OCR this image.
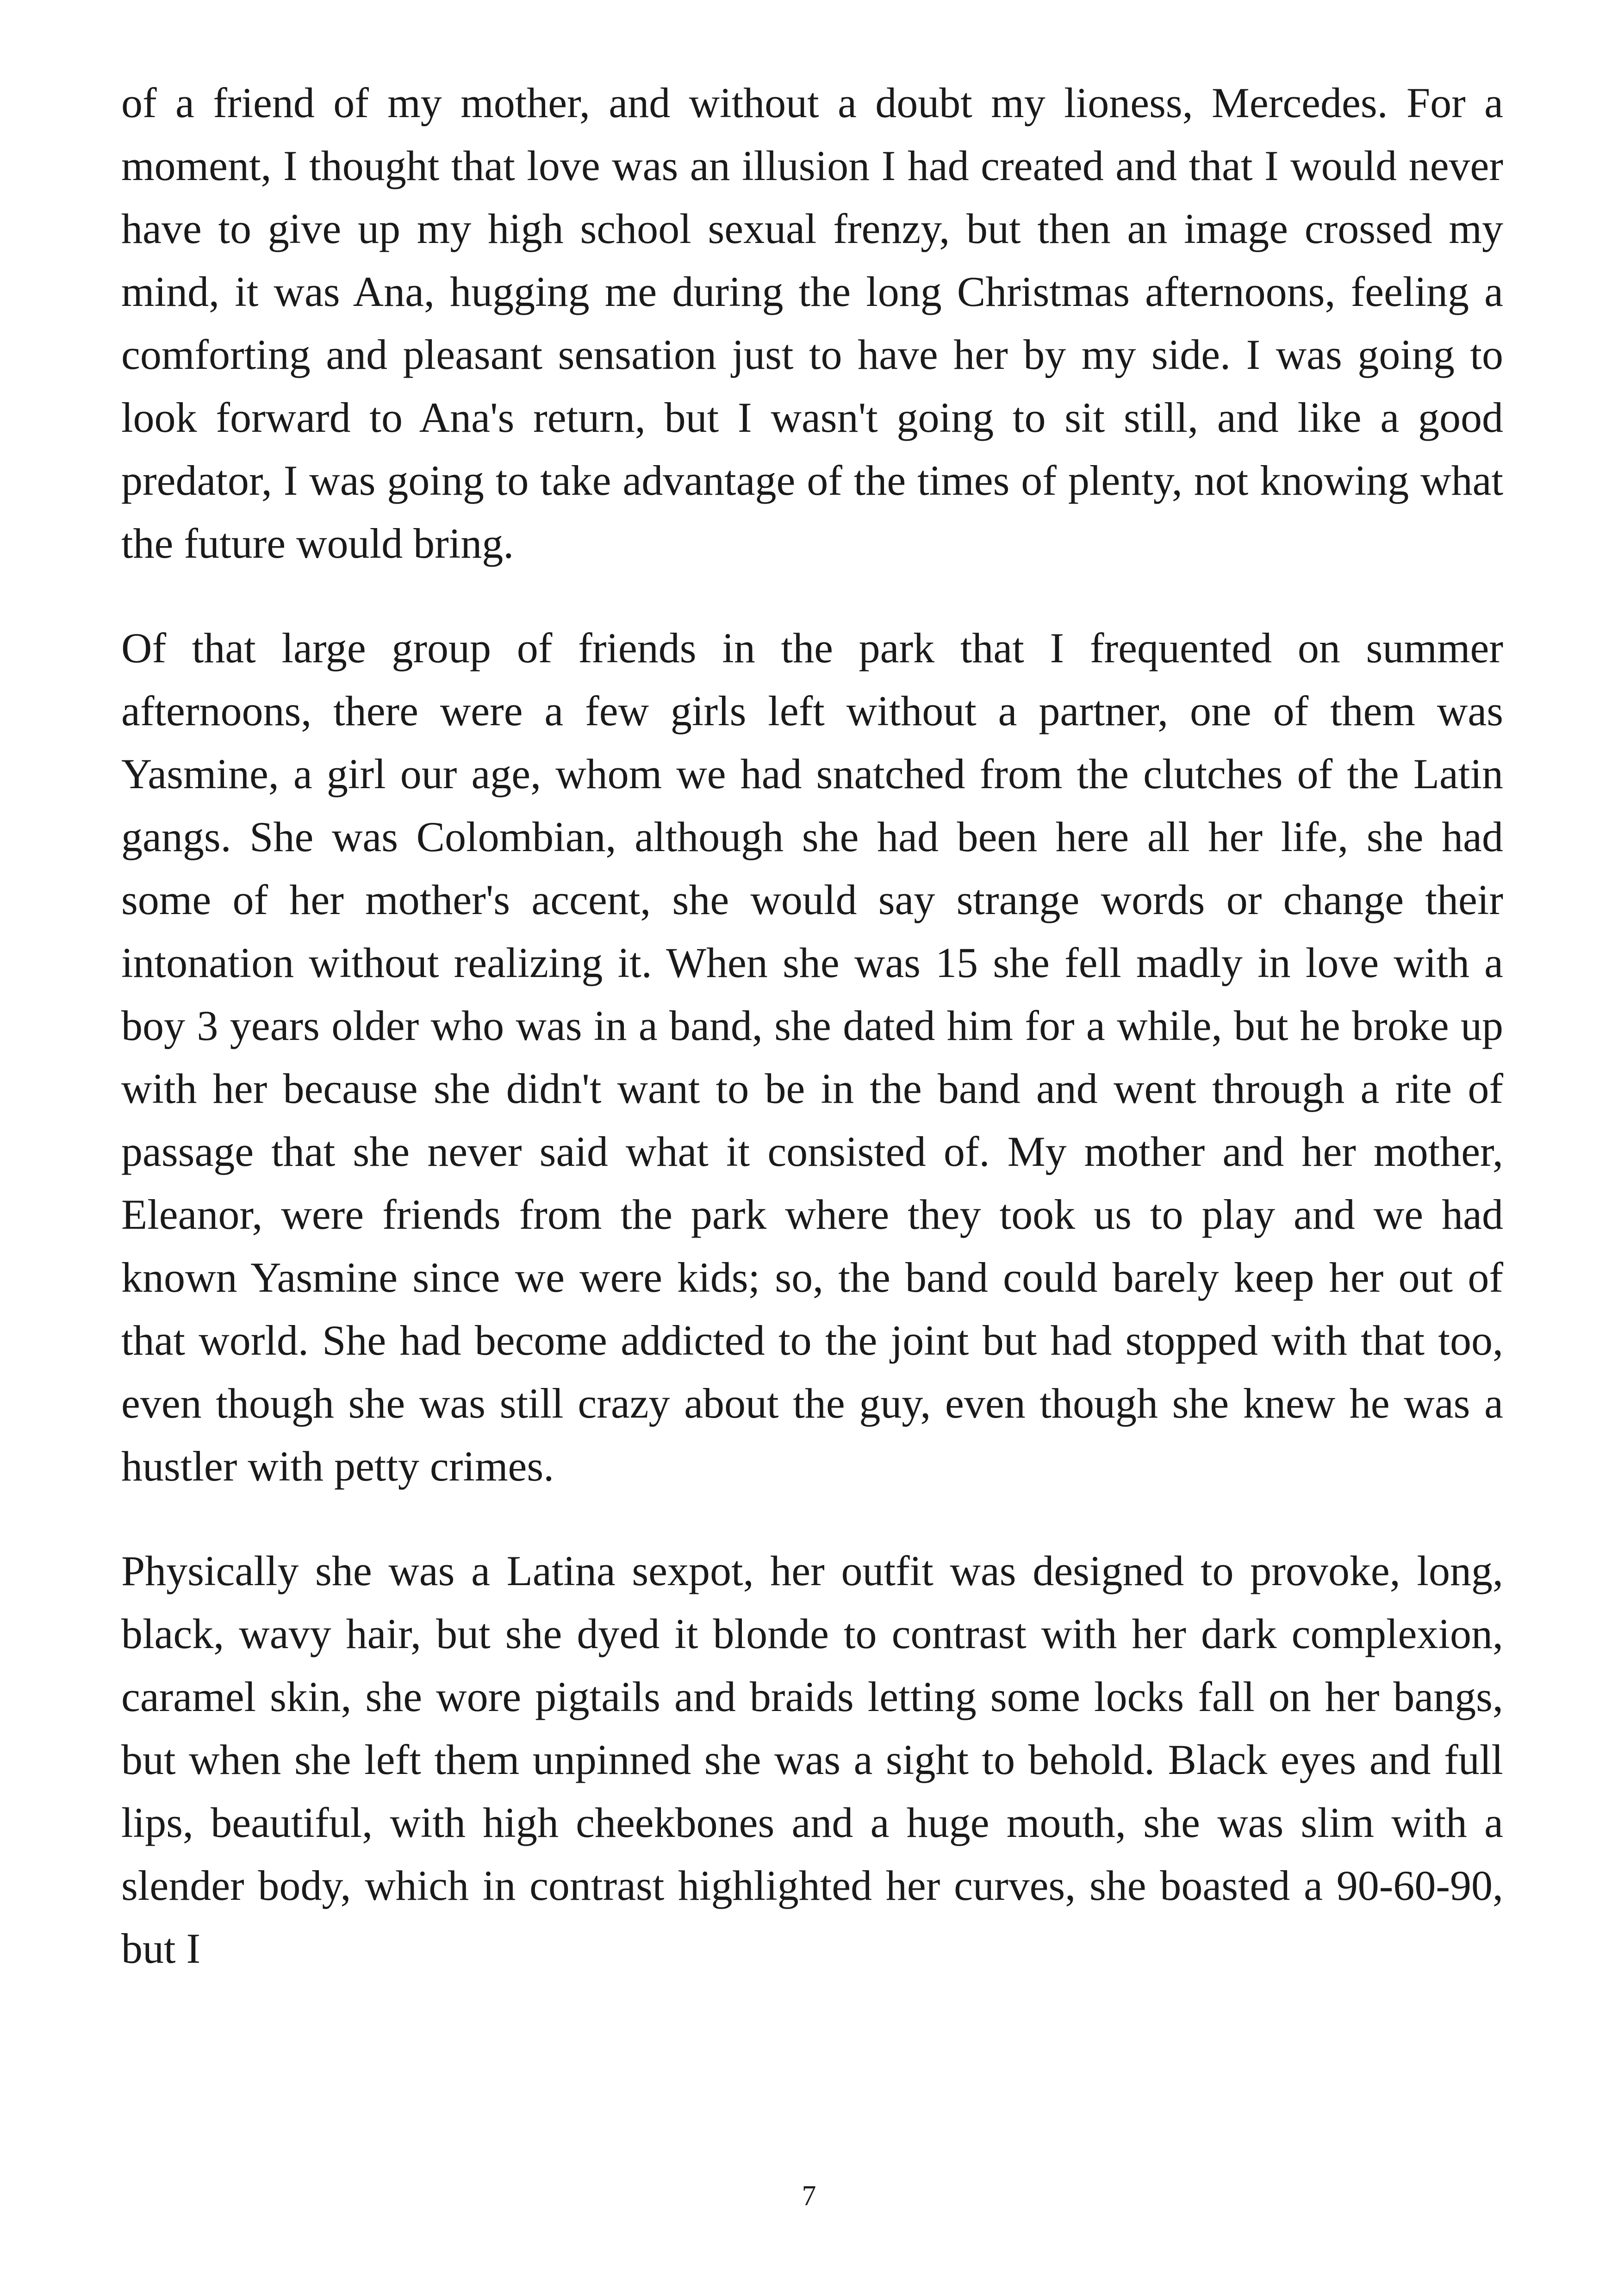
of a friend of my mother, and without a doubt my lioness, Mercedes. For a moment, I thought that love was an illusion I had created and that I would never have to give up my high school sexual frenzy, but then an image crossed my mind, it was Ana, hugging me during the long Christmas afternoons, feeling a comforting and pleasant sensation just to have her by my side. I was going to look forward to Ana's return, but I wasn't going to sit still, and like a good predator, I was going to take advantage of the times of plenty, not knowing what the future would bring.

Of that large group of friends in the park that I frequented on summer afternoons, there were a few girls left without a partner, one of them was Yasmine, a girl our age, whom we had snatched from the clutches of the Latin gangs. She was Colombian, although she had been here all her life, she had some of her mother's accent, she would say strange words or change their intonation without realizing it. When she was 15 she fell madly in love with a boy 3 years older who was in a band, she dated him for a while, but he broke up with her because she didn't want to be in the band and went through a rite of passage that she never said what it consisted of. My mother and her mother, Eleanor, were friends from the park where they took us to play and we had known Yasmine since we were kids; so, the band could barely keep her out of that world. She had become addicted to the joint but had stopped with that too, even though she was still crazy about the guy, even though she knew he was a hustler with petty crimes.

Physically she was a Latina sexpot, her outfit was designed to provoke, long, black, wavy hair, but she dyed it blonde to contrast with her dark complexion, caramel skin, she wore pigtails and braids letting some locks fall on her bangs, but when she left them unpinned she was a sight to behold. Black eyes and full lips, beautiful, with high cheekbones and a huge mouth, she was slim with a slender body, which in contrast highlighted her curves, she boasted a 90-60-90, but I

7
